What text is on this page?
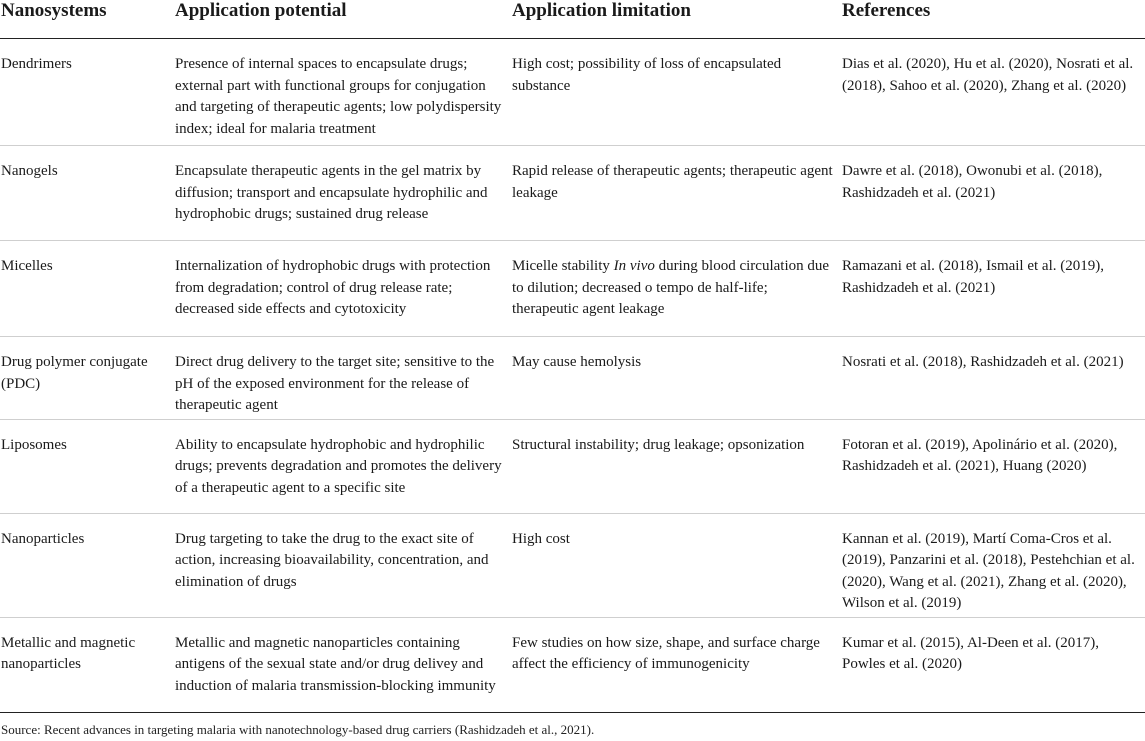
Nanosystems	Application potential	Application limitation	References
Dendrimers	Presence of internal spaces to encapsulate drugs; external part with functional groups for conjugation and targeting of therapeutic agents; low polydispersity index; ideal for malaria treatment	High cost; possibility of loss of encapsulated substance	Dias et al. (2020), Hu et al. (2020), Nosrati et al. (2018), Sahoo et al. (2020), Zhang et al. (2020)
Nanogels	Encapsulate therapeutic agents in the gel matrix by diffusion; transport and encapsulate hydrophilic and hydrophobic drugs; sustained drug release	Rapid release of therapeutic agents; therapeutic agent leakage	Dawre et al. (2018), Owonubi et al. (2018), Rashidzadeh et al. (2021)
Micelles	Internalization of hydrophobic drugs with protection from degradation; control of drug release rate; decreased side effects and cytotoxicity	Micelle stability In vivo during blood circulation due to dilution; decreased o tempo de half-life; therapeutic agent leakage	Ramazani et al. (2018), Ismail et al. (2019), Rashidzadeh et al. (2021)
Drug polymer conjugate (PDC)	Direct drug delivery to the target site; sensitive to the pH of the exposed environment for the release of therapeutic agent	May cause hemolysis	Nosrati et al. (2018), Rashidzadeh et al. (2021)
Liposomes	Ability to encapsulate hydrophobic and hydrophilic drugs; prevents degradation and promotes the delivery of a therapeutic agent to a specific site	Structural instability; drug leakage; opsonization	Fotoran et al. (2019), Apolinário et al. (2020), Rashidzadeh et al. (2021), Huang (2020)
Nanoparticles	Drug targeting to take the drug to the exact site of action, increasing bioavailability, concentration, and elimination of drugs	High cost	Kannan et al. (2019), Martí Coma-Cros et al. (2019), Panzarini et al. (2018), Pestehchian et al. (2020), Wang et al. (2021), Zhang et al. (2020), Wilson et al. (2019)
Metallic and magnetic nanoparticles	Metallic and magnetic nanoparticles containing antigens of the sexual state and/or drug delivey and induction of malaria transmission-blocking immunity	Few studies on how size, shape, and surface charge affect the efficiency of immunogenicity	Kumar et al. (2015), Al-Deen et al. (2017), Powles et al. (2020)
Source: Recent advances in targeting malaria with nanotechnology-based drug carriers (Rashidzadeh et al., 2021).
